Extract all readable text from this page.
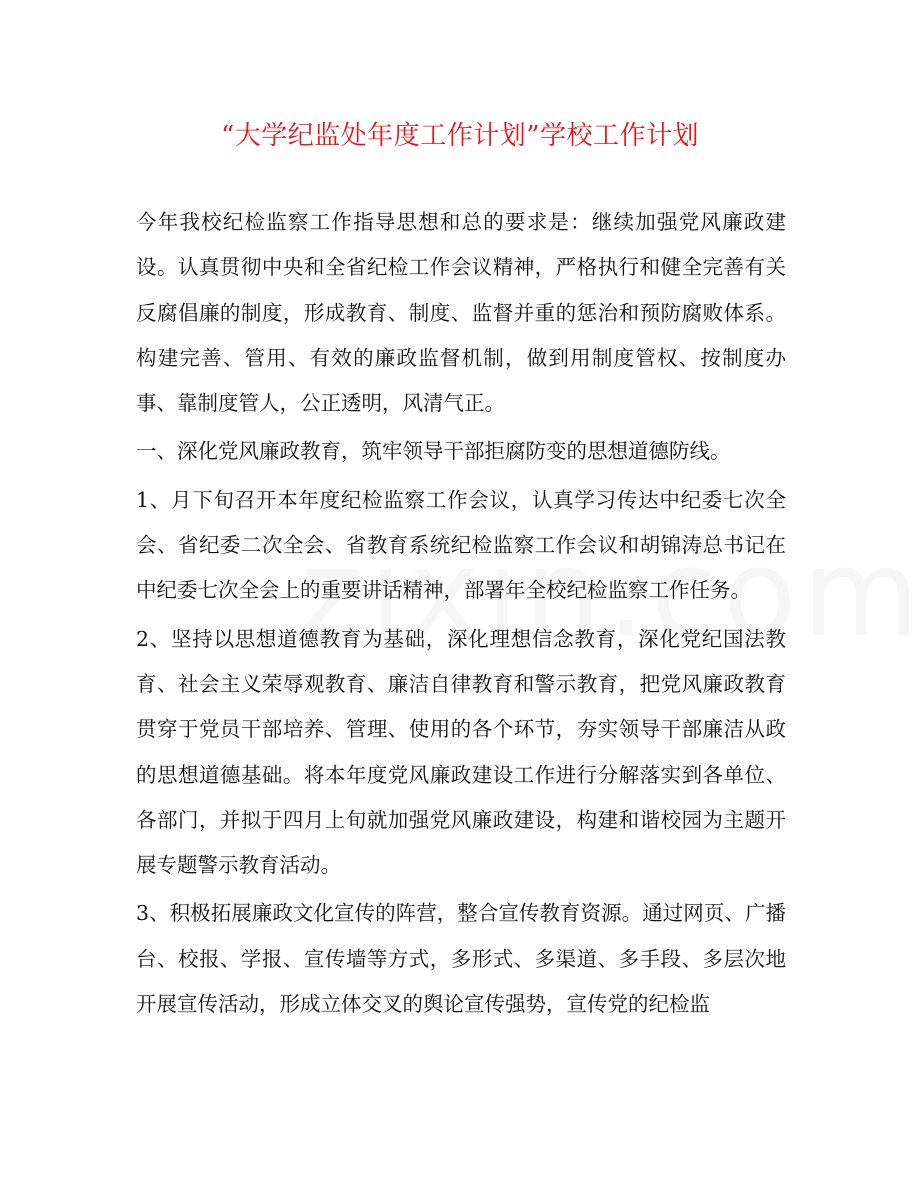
“大学纪监处年度工作计划”学校工作计划

今年我校纪检监察工作指导思想和总的要求是：继续加强党风廉政建设。认真贯彻中央和全省纪检工作会议精神，严格执行和健全完善有关反腐倡廉的制度，形成教育、制度、监督并重的惩治和预防腐败体系。构建完善、管用、有效的廉政监督机制，做到用制度管权、按制度办事、靠制度管人，公正透明，风清气正。

一、深化党风廉政教育，筑牢领导干部拒腐防变的思想道德防线。

1、月下旬召开本年度纪检监察工作会议，认真学习传达中纪委七次全会、省纪委二次全会、省教育系统纪检监察工作会议和胡锦涛总书记在中纪委七次全会上的重要讲话精神，部署年全校纪检监察工作任务。

2、坚持以思想道德教育为基础，深化理想信念教育，深化党纪国法教育、社会主义荣辱观教育、廉洁自律教育和警示教育，把党风廉政教育贯穿于党员干部培养、管理、使用的各个环节，夯实领导干部廉洁从政的思想道德基础。将本年度党风廉政建设工作进行分解落实到各单位、各部门，并拟于四月上旬就加强党风廉政建设，构建和谐校园为主题开展专题警示教育活动。

3、积极拓展廉政文化宣传的阵营，整合宣传教育资源。通过网页、广播台、校报、学报、宣传墙等方式，多形式、多渠道、多手段、多层次地开展宣传活动，形成立体交叉的舆论宣传强势，宣传党的纪检监
